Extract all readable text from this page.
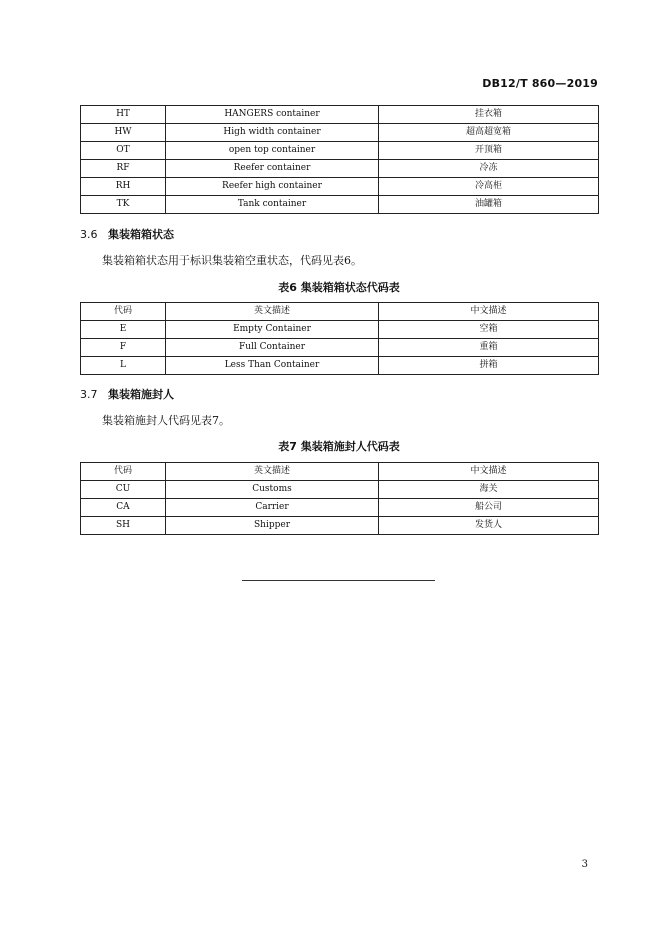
DB12/T 860—2019
HT	HANGERS container	挂衣箱
HW	High width container	超高超宽箱
OT	open top container	开顶箱
RF	Reefer container	冷冻
RH	Reefer high container	冷高柜
TK	Tank container	油罐箱
3.6 集装箱箱状态
集装箱箱状态用于标识集装箱空重状态，代码见表6。
表6 集装箱箱状态代码表
代码	英文描述	中文描述
E	Empty Container	空箱
F	Full Container	重箱
L	Less Than Container	拼箱
3.7 集装箱施封人
集装箱施封人代码见表7。
表7 集装箱施封人代码表
代码	英文描述	中文描述
CU	Customs	海关
CA	Carrier	船公司
SH	Shipper	发货人
3
